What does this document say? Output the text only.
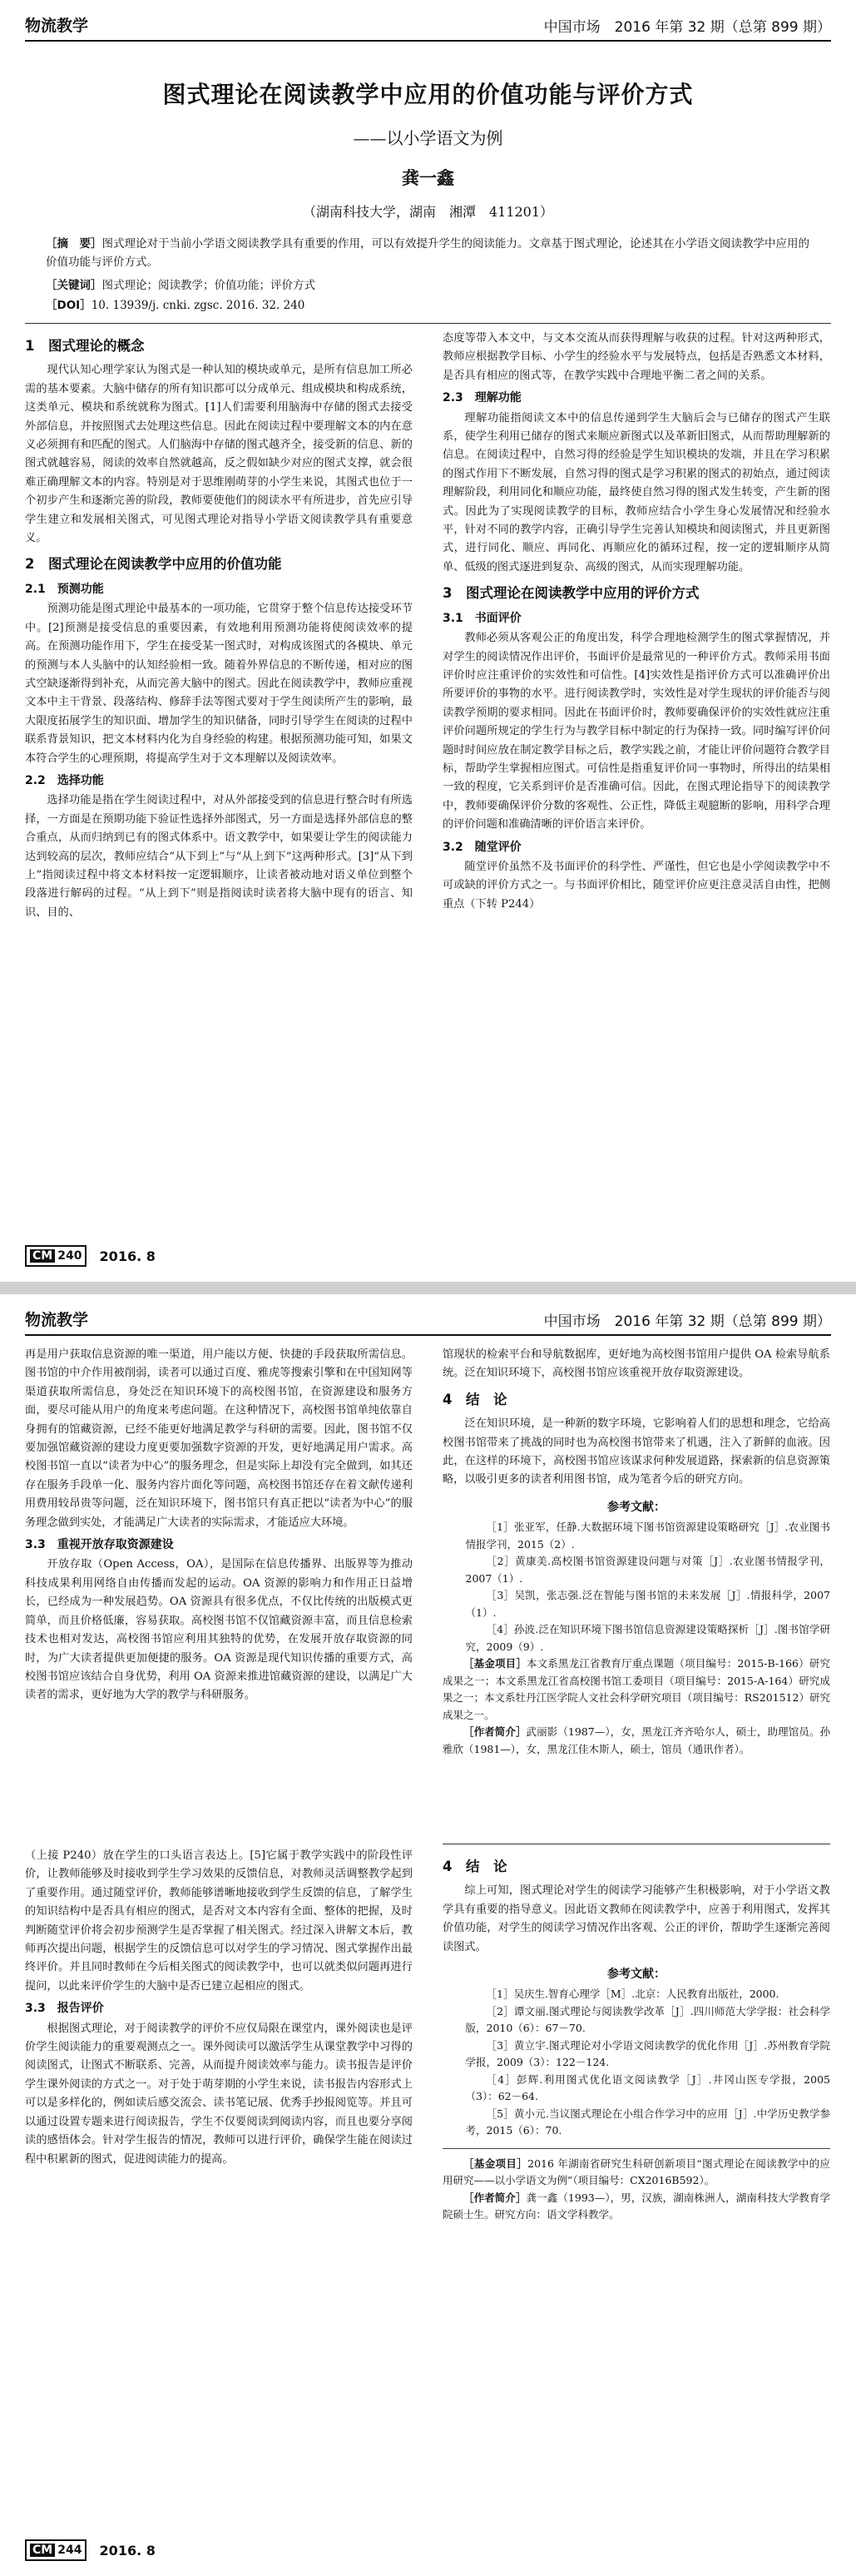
物流教学	中国市场　2016 年第 32 期（总第 899 期）
图式理论在阅读教学中应用的价值功能与评价方式
——以小学语文为例
龚一鑫
（湖南科技大学，湖南　湘潭　411201）
［摘　要］图式理论对于当前小学语文阅读教学具有重要的作用，可以有效提升学生的阅读能力。文章基于图式理论，论述其在小学语文阅读教学中应用的价值功能与评价方式。
［关键词］图式理论；阅读教学；价值功能；评价方式
［DOI］10. 13939/j. cnki. zgsc. 2016. 32. 240
1　图式理论的概念

现代认知心理学家认为图式是一种认知的模块或单元，是所有信息加工所必需的基本要素。大脑中储存的所有知识都可以分成单元、组成模块和构成系统，这类单元、模块和系统就称为图式。[1]人们需要利用脑海中存储的图式去接受外部信息，并按照图式去处理这些信息。因此在阅读过程中要理解文本的内在意义必须拥有和匹配的图式。人们脑海中存储的图式越齐全，接受新的信息、新的图式就越容易，阅读的效率自然就越高，反之假如缺少对应的图式支撑，就会很难正确理解文本的内容。特别是对于思维刚萌芽的小学生来说，其图式也位于一个初步产生和逐渐完善的阶段，教师要使他们的阅读水平有所进步，首先应引导学生建立和发展相关图式，可见图式理论对指导小学语文阅读教学具有重要意义。

2　图式理论在阅读教学中应用的价值功能
2.1　预测功能

预测功能是图式理论中最基本的一项功能，它贯穿于整个信息传达接受环节中。[2]预测是接受信息的重要因素，有效地利用预测功能将使阅读效率的提高。在预测功能作用下，学生在接受某一图式时，对构成该图式的各模块、单元的预测与本人头脑中的认知经验相一致。随着外界信息的不断传递，相对应的图式空缺逐渐得到补充，从而完善大脑中的图式。因此在阅读教学中，教师应重视文本中主干背景、段落结构、修辞手法等图式要对于学生阅读所产生的影响，最大限度拓展学生的知识面、增加学生的知识储备，同时引导学生在阅读的过程中联系背景知识，把文本材料内化为自身经验的构建。根据预测功能可知，如果文本符合学生的心理预期，将提高学生对于文本理解以及阅读效率。

2.2　选择功能

选择功能是指在学生阅读过程中，对从外部接受到的信息进行整合时有所选择，一方面是在预期功能下验证性选择外部图式，另一方面是选择外部信息的整合重点，从而归纳到已有的图式体系中。语文教学中，如果要让学生的阅读能力达到较高的层次，教师应结合“从下到上”与“从上到下”这两种形式。[3]“从下到上”指阅读过程中将文本材料按一定逻辑顺序，让读者被动地对语义单位到整个段落进行解码的过程。“从上到下”则是指阅读时读者将大脑中现有的语言、知识、目的、

态度等带入本文中，与文本交流从而获得理解与收获的过程。针对这两种形式，教师应根据教学目标、小学生的经验水平与发展特点，包括是否熟悉文本材料，是否具有相应的图式等，在教学实践中合理地平衡二者之间的关系。

2.3　理解功能

理解功能指阅读文本中的信息传递到学生大脑后会与已储存的图式产生联系，使学生利用已储存的图式来顺应新图式以及革新旧图式，从而帮助理解新的信息。在阅读过程中，自然习得的经验是学生知识模块的发端，并且在学习积累的图式作用下不断发展，自然习得的图式是学习积累的图式的初始点，通过阅读理解阶段，利用同化和顺应功能，最终使自然习得的图式发生转变，产生新的图式。因此为了实现阅读教学的目标，教师应结合小学生身心发展情况和经验水平，针对不同的教学内容，正确引导学生完善认知模块和阅读图式，并且更新图式，进行同化、顺应、再同化、再顺应化的循环过程，按一定的逻辑顺序从简单、低级的图式逐进到复杂、高级的图式，从而实现理解功能。

3　图式理论在阅读教学中应用的评价方式
3.1　书面评价

教师必须从客观公正的角度出发，科学合理地检测学生的图式掌握情况，并对学生的阅读情况作出评价，书面评价是最常见的一种评价方式。教师采用书面评价时应注重评价的实效性和可信性。[4]实效性是指评价方式可以准确评价出所要评价的事物的水平。进行阅读教学时，实效性是对学生现状的评价能否与阅读教学预期的要求相同。因此在书面评价时，教师要确保评价的实效性就应注重评价问题所规定的学生行为与教学目标中制定的行为保持一致。同时编写评价问题时时间应放在制定教学目标之后，教学实践之前，才能让评价问题符合教学目标，帮助学生掌握相应图式。可信性是指重复评价同一事物时，所得出的结果相一致的程度，它关系到评价是否准确可信。因此，在图式理论指导下的阅读教学中，教师要确保评价分数的客观性、公正性，降低主观臆断的影响，用科学合理的评价问题和准确清晰的评价语言来评价。

3.2　随堂评价

随堂评价虽然不及书面评价的科学性、严谨性，但它也是小学阅读教学中不可或缺的评价方式之一。与书面评价相比，随堂评价应更注意灵活自由性，把侧重点（下转 P244）

CM 240 2016. 8
物流教学	中国市场　2016 年第 32 期（总第 899 期）

再是用户获取信息资源的唯一渠道，用户能以方便、快捷的手段获取所需信息。图书馆的中介作用被削弱，读者可以通过百度、雅虎等搜索引擎和在中国知网等渠道获取所需信息，身处泛在知识环境下的高校图书馆，在资源建设和服务方面，要尽可能从用户的角度来考虑问题。在这种情况下，高校图书馆单纯依靠自身拥有的馆藏资源，已经不能更好地满足教学与科研的需要。因此，图书馆不仅要加强馆藏资源的建设力度更要加强数字资源的开发，更好地满足用户需求。高校图书馆一直以“读者为中心”的服务理念，但是实际上却没有完全做到，如其还存在服务手段单一化、服务内容片面化等问题，高校图书馆还存在着文献传递利用费用较昂贵等问题，泛在知识环境下，图书馆只有真正把以“读者为中心”的服务理念做到实处，才能满足广大读者的实际需求，才能适应大环境。

3.3　重视开放存取资源建设

开放存取（Open Access，OA），是国际在信息传播界、出版界等为推动科技成果利用网络自由传播而发起的运动。OA 资源的影响力和作用正日益增长，已经成为一种发展趋势。OA 资源具有很多优点，不仅比传统的出版模式更简单，而且价格低廉，容易获取。高校图书馆不仅馆藏资源丰富，而且信息检索技术也相对发达，高校图书馆应利用其独特的优势，在发展开放存取资源的同时，为广大读者提供更加便捷的服务。OA 资源是现代知识传播的重要方式，高校图书馆应该结合自身优势，利用 OA 资源来推进馆藏资源的建设，以满足广大读者的需求，更好地为大学的教学与科研服务。

馆现状的检索平台和导航数据库，更好地为高校图书馆用户提供 OA 检索导航系统。泛在知识环境下，高校图书馆应该重视开放存取资源建设。

4　结　论

泛在知识环境，是一种新的数字环境，它影响着人们的思想和理念，它给高校图书馆带来了挑战的同时也为高校图书馆带来了机遇，注入了新鲜的血液。因此，在这样的环境下，高校图书馆应该谋求何种发展道路，探索新的信息资源策略，以吸引更多的读者利用图书馆，成为笔者今后的研究方向。

参考文献：

［1］张亚军，任静.大数据环境下图书馆资源建设策略研究［J］.农业图书情报学刊，2015（2）.

［2］黄康美.高校图书馆资源建设问题与对策［J］.农业图书情报学刊，2007（1）.

［3］吴凯，张志强.泛在智能与图书馆的未来发展［J］.情报科学，2007（1）.

［4］孙波.泛在知识环境下图书馆信息资源建设策略探析［J］.图书馆学研究，2009（9）.

［基金项目］本文系黑龙江省教育厅重点课题（项目编号：2015-B-166）研究成果之一；本文系黑龙江省高校图书馆工委项目（项目编号：2015-A-164）研究成果之一；本文系牡丹江医学院人文社会科学研究项目（项目编号：RS201512）研究成果之一。

［作者简介］武丽影（1987—），女，黑龙江齐齐哈尔人，硕士，助理馆员。孙雅欣（1981—），女，黑龙江佳木斯人，硕士，馆员（通讯作者）。

（上接 P240）放在学生的口头语言表达上。[5]它属于教学实践中的阶段性评价，让教师能够及时接收到学生学习效果的反馈信息，对教师灵活调整教学起到了重要作用。通过随堂评价，教师能够谱晰地接收到学生反馈的信息，了解学生的知识结构中是否具有相应的图式，是否对文本内容有全面、整体的把握，及时判断随堂评价将会初步预测学生是否掌握了相关图式。经过深入讲解文本后，教师再次提出问题，根据学生的反馈信息可以对学生的学习情况、图式掌握作出最终评价。并且同时教师在今后相关图式的阅读教学中，也可以就类似问题再进行提问，以此来评价学生的大脑中是否已建立起相应的图式。

3.3　报告评价

根据图式理论，对于阅读教学的评价不应仅局限在课堂内，课外阅读也是评价学生阅读能力的重要观测点之一。课外阅读可以激活学生从课堂教学中习得的阅读图式，让图式不断联系、完善，从而提升阅读效率与能力。读书报告是评价学生课外阅读的方式之一。对于处于萌芽期的小学生来说，读书报告内容形式上可以是多样化的，例如读后感交流会、读书笔记展、优秀手抄报阅览等。并且可以通过设置专题来进行阅读报告，学生不仅要阅读到阅读内容，而且也要分享阅读的感悟体会。针对学生报告的情况，教师可以进行评价，确保学生能在阅读过程中积累新的图式，促进阅读能力的提高。

4　结　论

综上可知，图式理论对学生的阅读学习能够产生积极影响，对于小学语文教学具有重要的指导意义。因此语文教师在阅读教学中，应善于利用图式，发挥其价值功能，对学生的阅读学习情况作出客观、公正的评价，帮助学生逐渐完善阅读图式。

参考文献：

［1］吴庆生.智育心理学［M］.北京：人民教育出版社，2000.

［2］谭文丽.图式理论与阅读教学改革［J］.四川师范大学学报：社会科学版，2010（6）：67－70.

［3］黄立宇.图式理论对小学语文阅读教学的优化作用［J］.苏州教育学院学报，2009（3）：122－124.

［4］彭辉.利用图式优化语文阅读教学［J］.井冈山医专学报，2005（3）：62－64.

［5］黄小元.当议图式理论在小组合作学习中的应用［J］.中学历史教学参考，2015（6）：70.

［基金项目］2016 年湖南省研究生科研创新项目“图式理论在阅读教学中的应用研究——以小学语文为例”（项目编号：CX2016B592）。

［作者简介］龚一鑫（1993—），男，汉族，湖南株洲人，湖南科技大学教育学院硕士生。研究方向：语文学科教学。

CM 244 2016. 8
